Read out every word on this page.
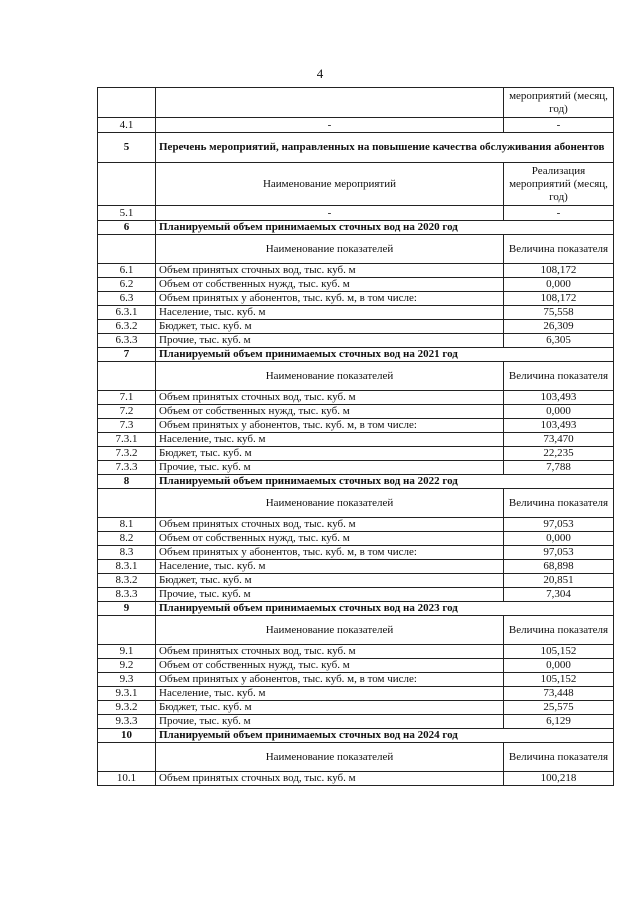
4
		мероприятий (месяц, год)
4.1	-	-
5	Перечень мероприятий, направленных на повышение качества обслуживания абонентов	
	Наименование мероприятий	Реализация мероприятий (месяц, год)
5.1	-	-
6	Планируемый объем принимаемых сточных вод на 2020 год	
	Наименование показателей	Величина показателя
6.1	Объем принятых сточных вод, тыс. куб. м	108,172
6.2	Объем от собственных нужд, тыс. куб. м	0,000
6.3	Объем принятых у абонентов, тыс. куб. м, в том числе:	108,172
6.3.1	Население, тыс. куб. м	75,558
6.3.2	Бюджет, тыс. куб. м	26,309
6.3.3	Прочие, тыс. куб. м	6,305
7	Планируемый объем принимаемых сточных вод на 2021 год	
	Наименование показателей	Величина показателя
7.1	Объем принятых сточных вод, тыс. куб. м	103,493
7.2	Объем от собственных нужд, тыс. куб. м	0,000
7.3	Объем принятых у абонентов, тыс. куб. м, в том числе:	103,493
7.3.1	Население, тыс. куб. м	73,470
7.3.2	Бюджет, тыс. куб. м	22,235
7.3.3	Прочие, тыс. куб. м	7,788
8	Планируемый объем принимаемых сточных вод на 2022 год	
	Наименование показателей	Величина показателя
8.1	Объем принятых сточных вод, тыс. куб. м	97,053
8.2	Объем от собственных нужд, тыс. куб. м	0,000
8.3	Объем принятых у абонентов, тыс. куб. м, в том числе:	97,053
8.3.1	Население, тыс. куб. м	68,898
8.3.2	Бюджет, тыс. куб. м	20,851
8.3.3	Прочие, тыс. куб. м	7,304
9	Планируемый объем принимаемых сточных вод на 2023 год	
	Наименование показателей	Величина показателя
9.1	Объем принятых сточных вод, тыс. куб. м	105,152
9.2	Объем от собственных нужд, тыс. куб. м	0,000
9.3	Объем принятых у абонентов, тыс. куб. м, в том числе:	105,152
9.3.1	Население, тыс. куб. м	73,448
9.3.2	Бюджет, тыс. куб. м	25,575
9.3.3	Прочие, тыс. куб. м	6,129
10	Планируемый объем принимаемых сточных вод на 2024 год	
	Наименование показателей	Величина показателя
10.1	Объем принятых сточных вод, тыс. куб. м	100,218
